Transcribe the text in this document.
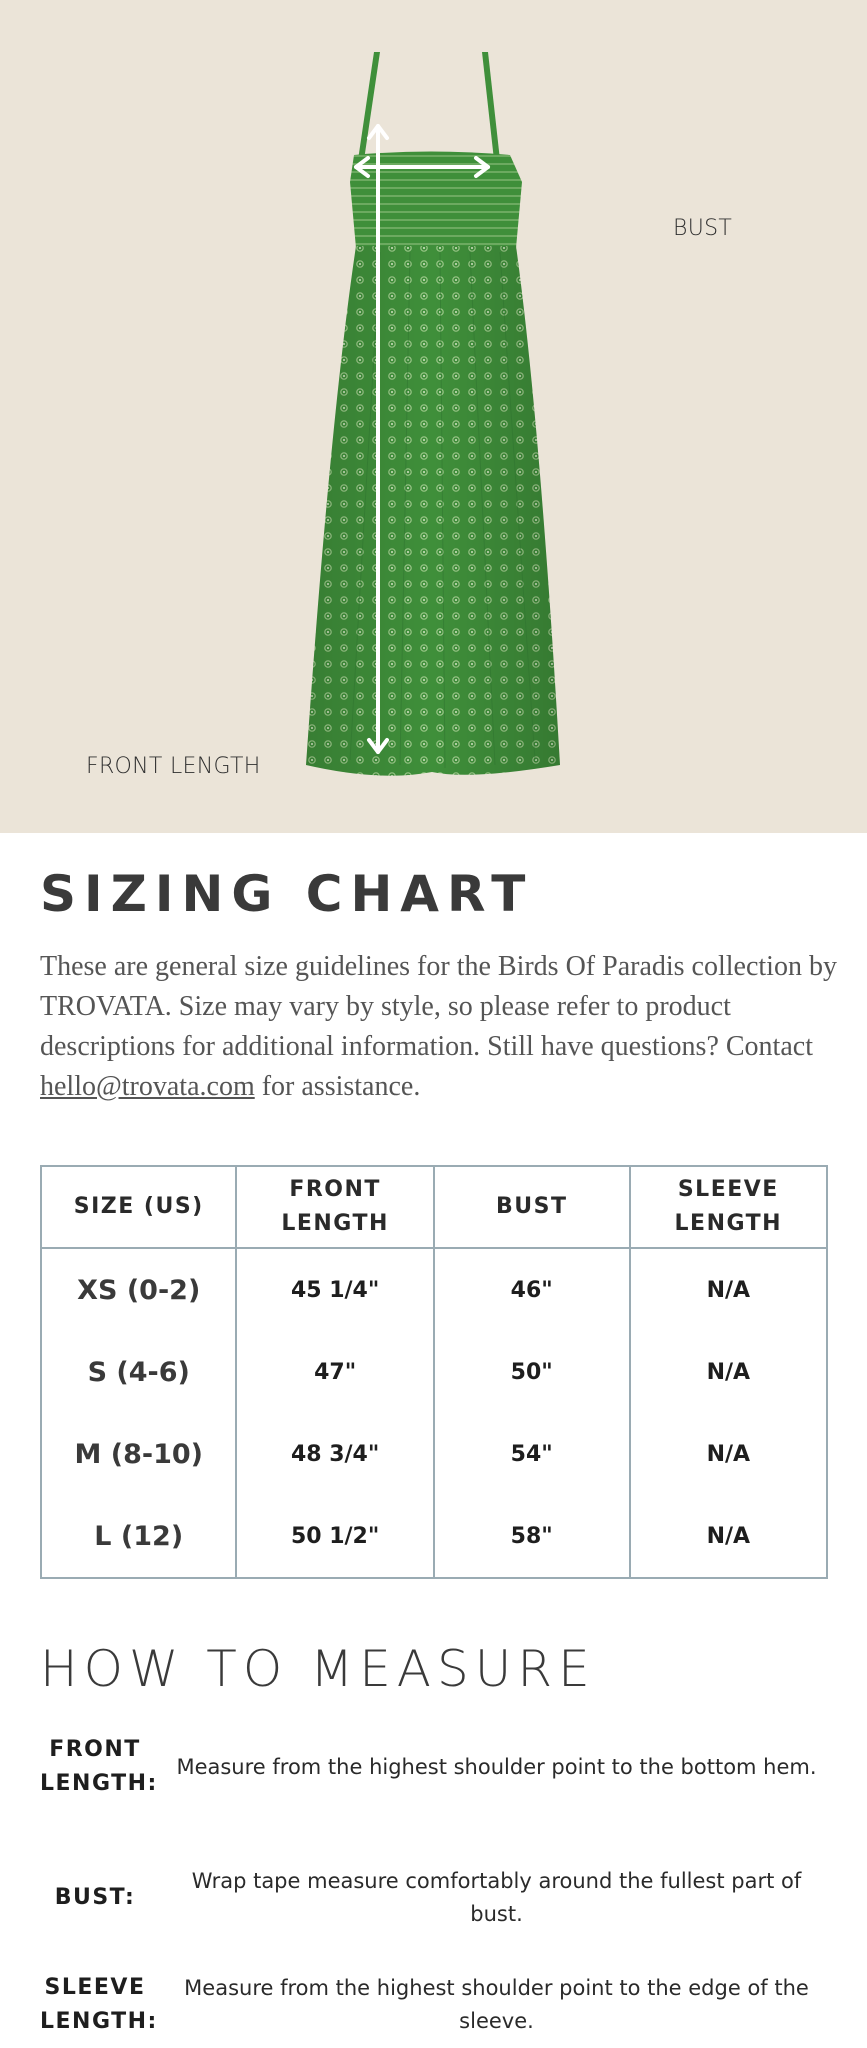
BUST
FRONT LENGTH
SIZING CHART

These are general size guidelines for the Birds Of Paradis collection by TROVATA. Size may vary by style, so please refer to product descriptions for additional information. Still have questions? Contact hello@trovata.com for assistance.

SIZE (US)	FRONT LENGTH	BUST	SLEEVE LENGTH
XS (0-2)	45 1/4"	46"	N/A
S (4-6)	47"	50"	N/A
M (8-10)	48 3/4"	54"	N/A
L (12)	50 1/2"	58"	N/A
HOW TO MEASURE
FRONT LENGTH:
Measure from the highest shoulder point to the bottom hem.
BUST:
Wrap tape measure comfortably around the fullest part of bust.
SLEEVE LENGTH:
Measure from the highest shoulder point to the edge of the sleeve.
